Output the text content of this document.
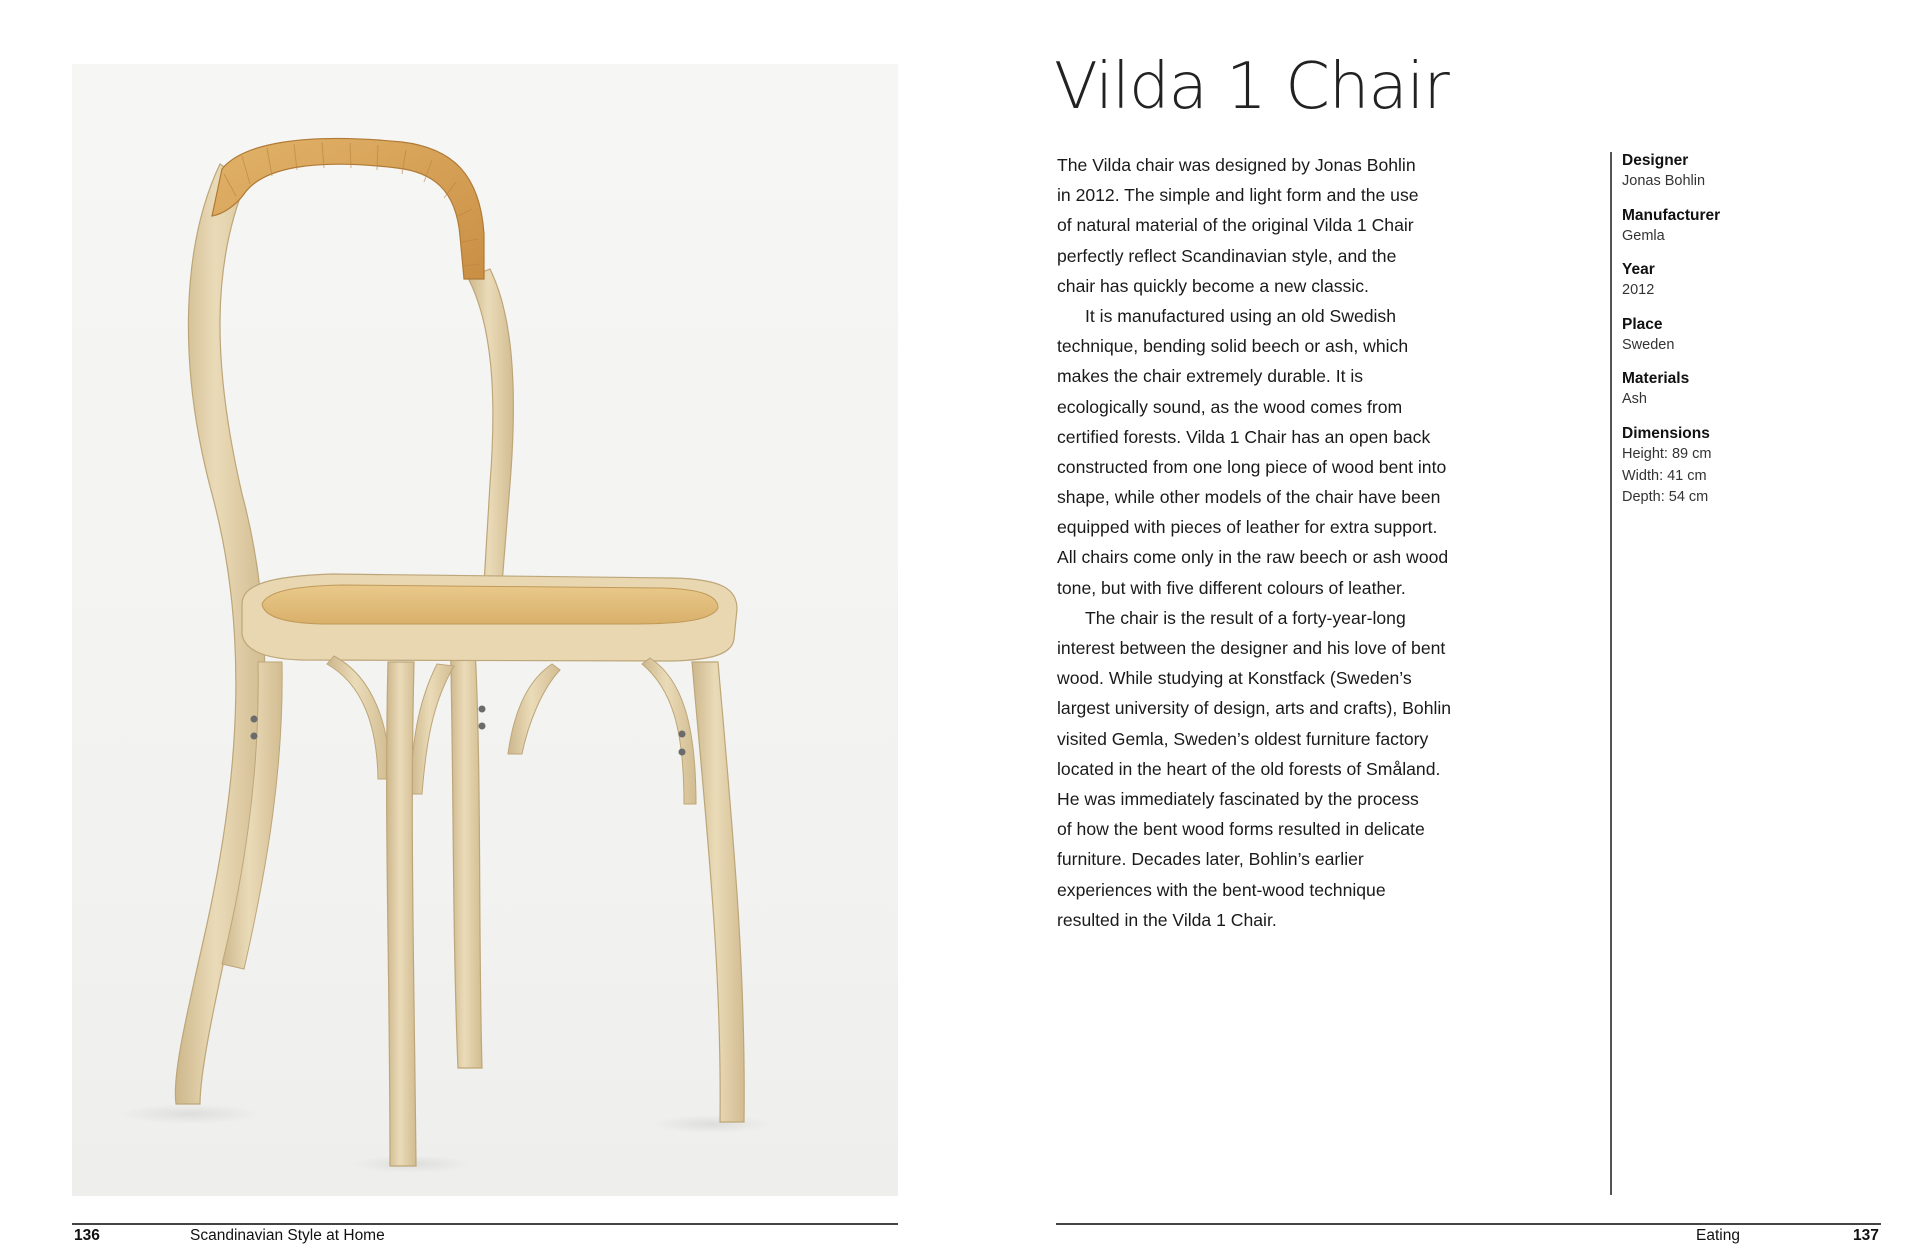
Vilda 1 Chair
The Vilda chair was designed by Jonas Bohlin
in 2012. The simple and light form and the use
of natural material of the original Vilda 1 Chair
perfectly reflect Scandinavian style, and the
chair has quickly become a new classic.
It is manufactured using an old Swedish
technique, bending solid beech or ash, which
makes the chair extremely durable. It is
ecologically sound, as the wood comes from
certified forests. Vilda 1 Chair has an open back
constructed from one long piece of wood bent into
shape, while other models of the chair have been
equipped with pieces of leather for extra support.
All chairs come only in the raw beech or ash wood
tone, but with five different colours of leather.
The chair is the result of a forty-year-long
interest between the designer and his love of bent
wood. While studying at Konstfack (Sweden’s
largest university of design, arts and crafts), Bohlin
visited Gemla, Sweden’s oldest furniture factory
located in the heart of the old forests of Småland.
He was immediately fascinated by the process
of how the bent wood forms resulted in delicate
furniture. Decades later, Bohlin’s earlier
experiences with the bent-wood technique
resulted in the Vilda 1 Chair.
Designer
Jonas Bohlin
Manufacturer
Gemla
Year
2012
Place
Sweden
Materials
Ash
Dimensions
Height: 89 cm
Width: 41 cm
Depth: 54 cm
136	Scandinavian Style at Home	Eating	137
